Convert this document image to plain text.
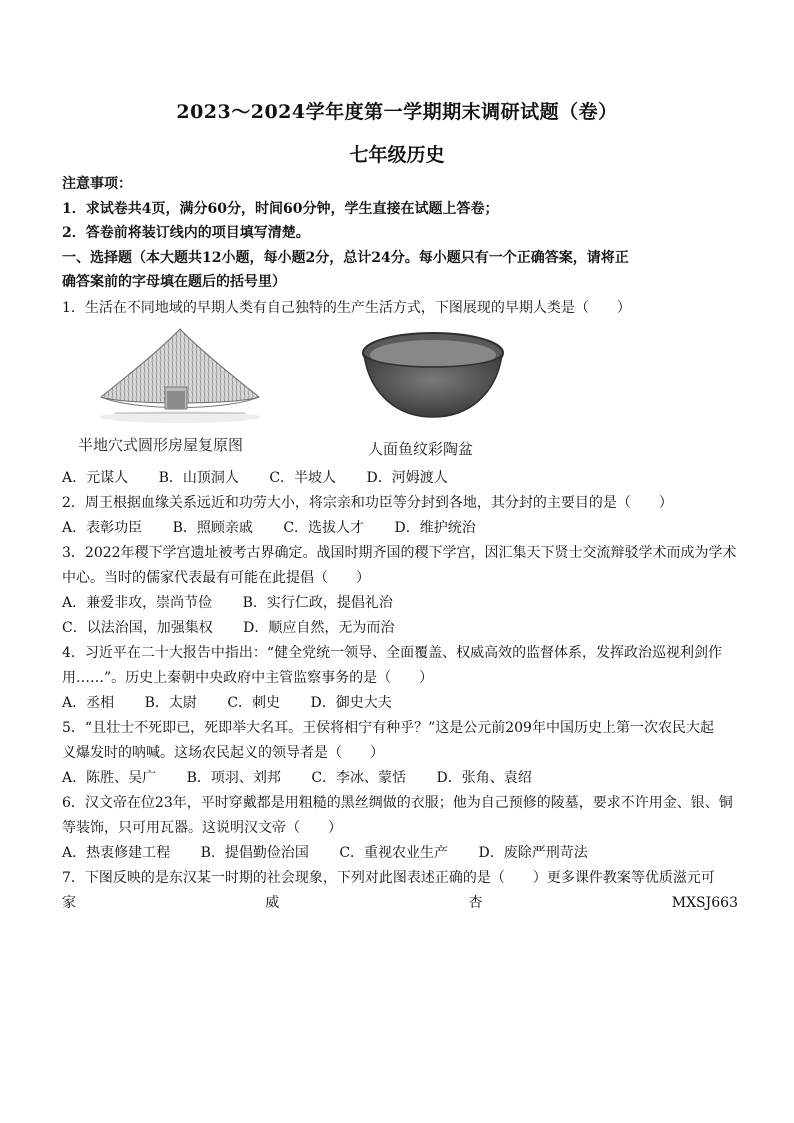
2023～2024学年度第一学期期末调研试题（卷）
七年级历史
注意事项：
1．求试卷共4页，满分60分，时间60分钟，学生直接在试题上答卷；
2．答卷前将装订线内的项目填写清楚。
一、选择题（本大题共12小题，每小题2分，总计24分。每小题只有一个正确答案，请将正
确答案前的字母填在题后的括号里）
1．生活在不同地域的早期人类有自己独特的生产生活方式，下图展现的早期人类是（　　）
半地穴式圆形房屋复原图	人面鱼纹彩陶盆
A．元谋人 B．山顶洞人 C．半坡人 D．河姆渡人
2．周王根据血缘关系远近和功劳大小，将宗亲和功臣等分封到各地，其分封的主要目的是（　　）
A．表彰功臣 B．照顾亲戚 C．选拔人才 D．维护统治
3．2022年稷下学宫遗址被考古界确定。战国时期齐国的稷下学宫，因汇集天下贤士交流辩驳学术而成为学术
中心。当时的儒家代表最有可能在此提倡（　　）
A．兼爱非攻，崇尚节俭 B．实行仁政，提倡礼治
C．以法治国，加强集权 D．顺应自然，无为而治
4．习近平在二十大报告中指出：“健全党统一领导、全面覆盖、权威高效的监督体系，发挥政治巡视利剑作
用……”。历史上秦朝中央政府中主管监察事务的是（　　）
A．丞相 B．太尉 C．刺史 D．御史大夫
5．“且壮士不死即已，死即举大名耳。王侯将相宁有种乎？”这是公元前209年中国历史上第一次农民大起
义爆发时的呐喊。这场农民起义的领导者是（　　）
A．陈胜、吴广 B．项羽、刘邦 C．李冰、蒙恬 D．张角、袁绍
6．汉文帝在位23年，平时穿戴都是用粗糙的黑丝绸做的衣服；他为自己预修的陵墓，要求不许用金、银、铜
等装饰，只可用瓦器。这说明汉文帝（　　）
A．热衷修建工程 B．提倡勤俭治国 C．重视农业生产 D．废除严刑苛法
7．下图反映的是东汉某一时期的社会现象，下列对此图表述正确的是（　　）更多课件教案等优质滋元可
家	威	杏	MXSJ663
